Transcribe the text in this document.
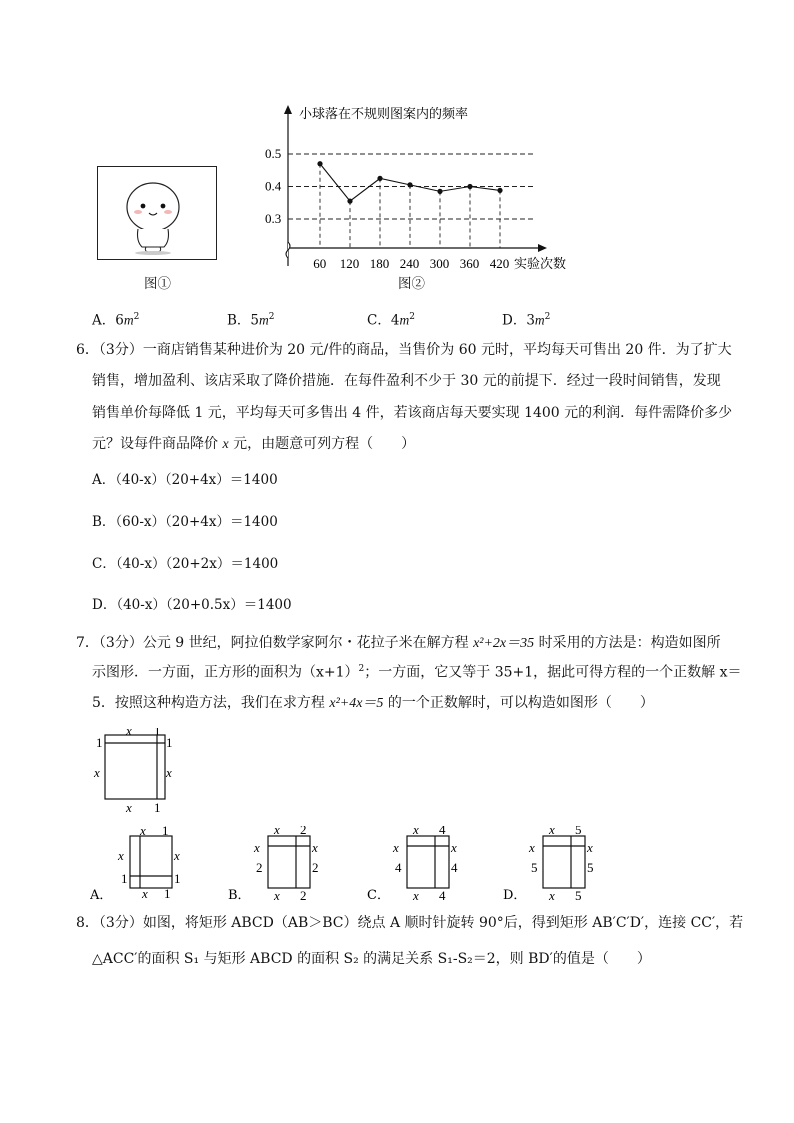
图①
小球落在不规则图案内的频率
0.5
0.4
0.3
60 120 180 240 300 360 420 实验次数
图②
A．$6m^2$	B．$5m^2$	C．$4m^2$	D．$3m^2$
6．（3分）一商店销售某种进价为 20 元/件的商品，当售价为 60 元时，平均每天可售出 20 件．为了扩大
销售，增加盈利、该店采取了降价措施．在每件盈利不少于 30 元的前提下．经过一段时间销售，发现
销售单价每降低 1 元，平均每天可多售出 4 件，若该商店每天要实现 1400 元的利润．每件需降价多少
元？设每件商品降价 x 元，由题意可列方程（　　）
A．（40-x）（20+4x）＝1400
B．（60-x）（20+4x）＝1400
C．（40-x）（20+2x）＝1400
D．（40-x）（20+0.5x）＝1400
7．（3分）公元 9 世纪，阿拉伯数学家阿尔・花拉子米在解方程 x²+2x＝35 时采用的方法是：构造如图所
示图形．一方面，正方形的面积为$(x+1)^2$；一方面，它又等于 35+1，据此可得方程的一个正数解 x＝
5．按照这种构造方法，我们在求方程 x²+4x＝5 的一个正数解时，可以构造如图形（　　）
x 1
1	1
x	x
x 1
x 1
x	x
1	1
x 1
A．
x 2
x	x
2	2
x 2
B．
x 4
x	x
4	4
x 4
C．
x 5
x	x
5	5
x 5
D．
8．（3分）如图，将矩形 ABCD（AB＞BC）绕点 A 顺时针旋转 90°后，得到矩形 AB′C′D′，连接 CC′，若
△ACC′的面积 S₁ 与矩形 ABCD 的面积 S₂ 的满足关系 S₁-S₂＝2，则 BD′的值是（　　）
